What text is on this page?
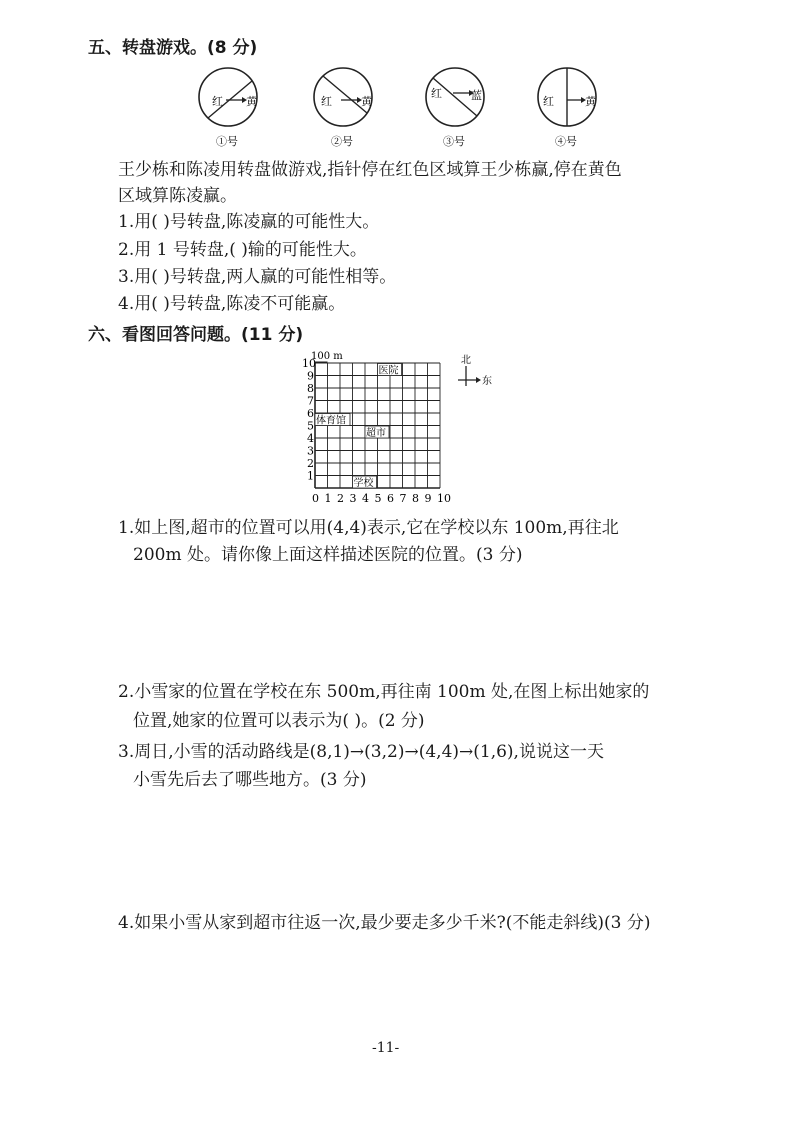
五、转盘游戏。(8 分)
红 黄
①号
红	黄
②号
红	蓝
③号
红	黄
④号
王少栋和陈凌用转盘做游戏,指针停在红色区域算王少栋赢,停在黄色
区域算陈凌赢。
1.用( )号转盘,陈凌赢的可能性大。
2.用 1 号转盘,( )输的可能性大。
3.用( )号转盘,两人赢的可能性相等。
4.用( )号转盘,陈凌不可能赢。
六、看图回答问题。(11 分)
0 1 2 3 4 5 6 7 8 9 10
1
2
3
4
5
6
7
8
9
10
100 m
医院
体育馆
超市
学校
北
东
1.如上图,超市的位置可以用(4,4)表示,它在学校以东 100m,再往北
200m 处。请你像上面这样描述医院的位置。(3 分)
2.小雪家的位置在学校在东 500m,再往南 100m 处,在图上标出她家的
位置,她家的位置可以表示为( )。(2 分)
3.周日,小雪的活动路线是(8,1)→(3,2)→(4,4)→(1,6),说说这一天
小雪先后去了哪些地方。(3 分)
4.如果小雪从家到超市往返一次,最少要走多少千米?(不能走斜线)(3 分)
-11-
